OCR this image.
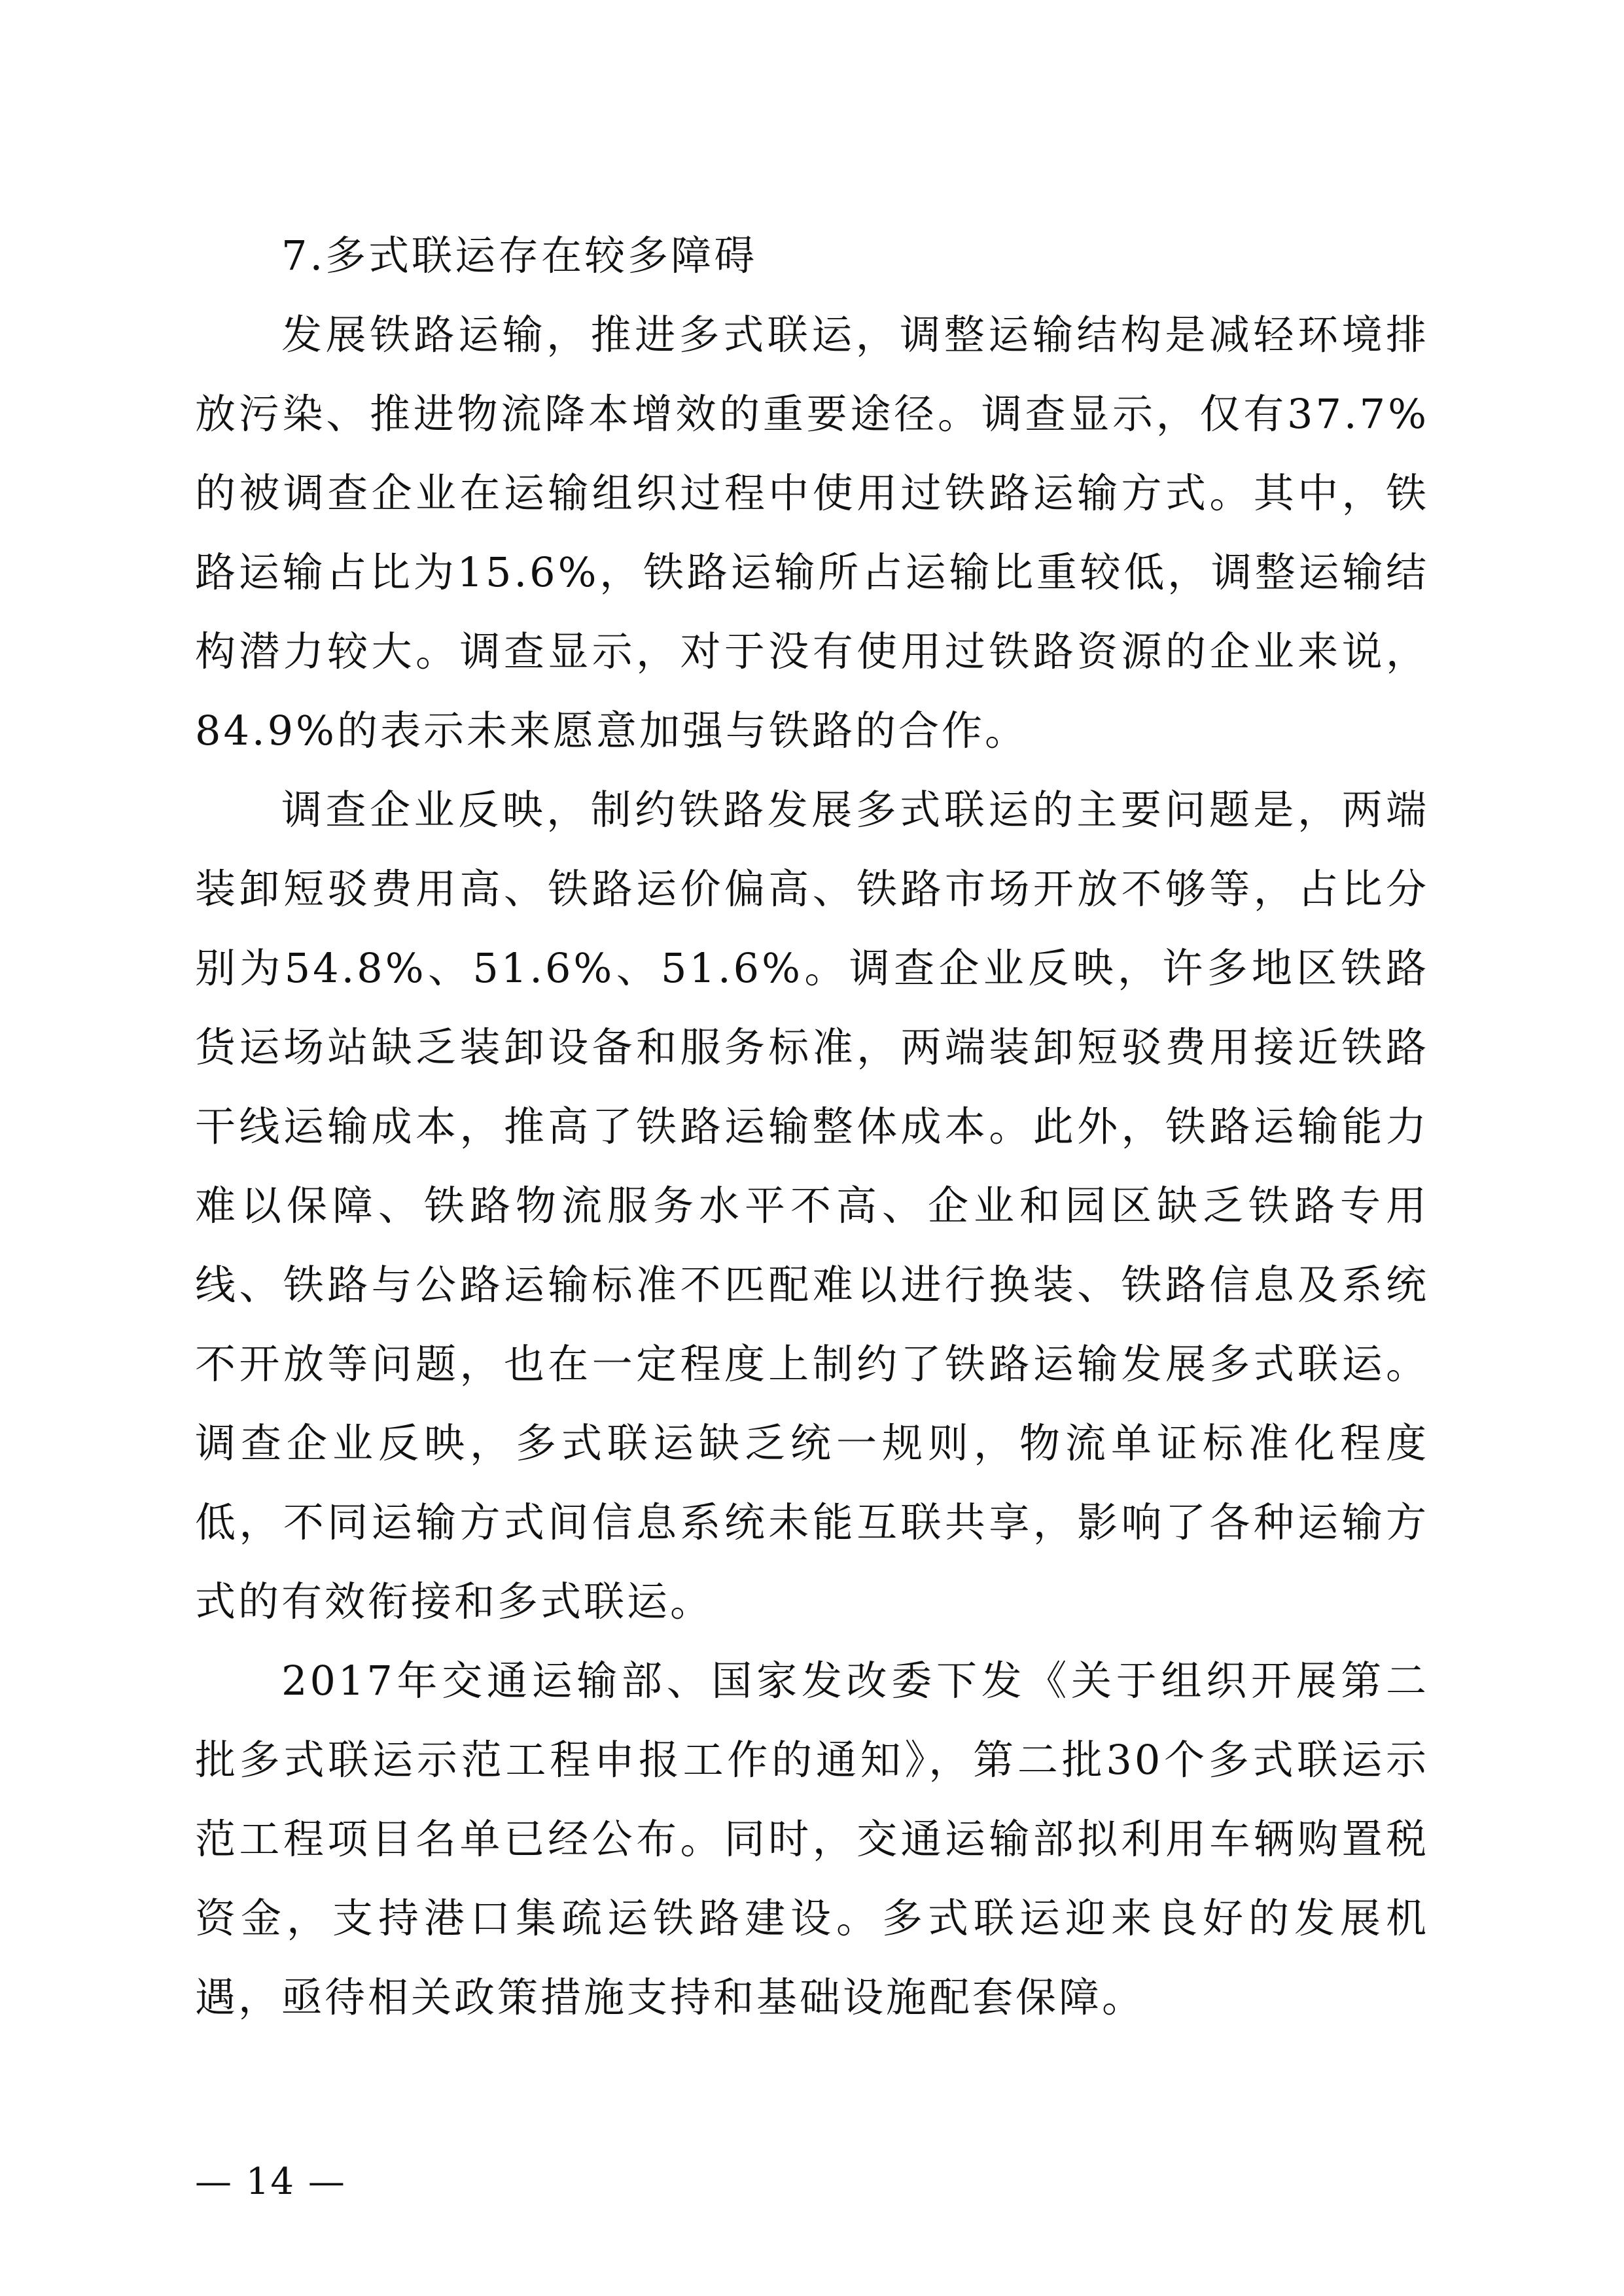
7.多式联运存在较多障碍

发展铁路运输，推进多式联运，调整运输结构是减轻环境排放污染、推进物流降本增效的重要途径。调查显示，仅有37.7%的被调查企业在运输组织过程中使用过铁路运输方式。其中，铁路运输占比为15.6%，铁路运输所占运输比重较低，调整运输结构潜力较大。调查显示，对于没有使用过铁路资源的企业来说，84.9%的表示未来愿意加强与铁路的合作。

调查企业反映，制约铁路发展多式联运的主要问题是，两端装卸短驳费用高、铁路运价偏高、铁路市场开放不够等，占比分别为54.8%、51.6%、51.6%。调查企业反映，许多地区铁路货运场站缺乏装卸设备和服务标准，两端装卸短驳费用接近铁路干线运输成本，推高了铁路运输整体成本。此外，铁路运输能力难以保障、铁路物流服务水平不高、企业和园区缺乏铁路专用线、铁路与公路运输标准不匹配难以进行换装、铁路信息及系统不开放等问题，也在一定程度上制约了铁路运输发展多式联运。调查企业反映，多式联运缺乏统一规则，物流单证标准化程度低，不同运输方式间信息系统未能互联共享，影响了各种运输方式的有效衔接和多式联运。

2017年交通运输部、国家发改委下发《关于组织开展第二批多式联运示范工程申报工作的通知》，第二批30个多式联运示范工程项目名单已经公布。同时，交通运输部拟利用车辆购置税资金，支持港口集疏运铁路建设。多式联运迎来良好的发展机遇，亟待相关政策措施支持和基础设施配套保障。

— 14 —
